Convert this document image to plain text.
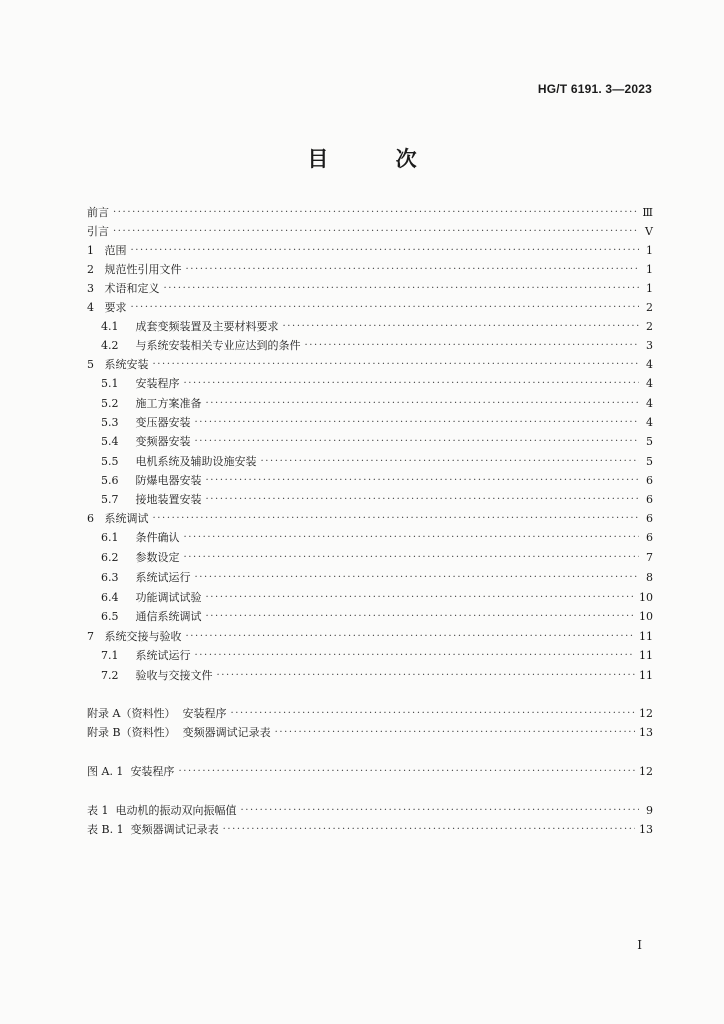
HG/T 6191. 3—2023
目 次
前言 ·····	Ⅲ
引言 ·····	Ⅴ
1 范围 ·····	1
2 规范性引用文件 ·····	1
3 术语和定义 ·····	1
4 要求 ·····	2
4.1 成套变频装置及主要材料要求 ·····	2
4.2 与系统安装相关专业应达到的条件 ·····	3
5 系统安装 ·····	4
5.1 安装程序 ·····	4
5.2 施工方案准备 ·····	4
5.3 变压器安装 ·····	4
5.4 变频器安装 ·····	5
5.5 电机系统及辅助设施安装 ·····	5
5.6 防爆电器安装 ·····	6
5.7 接地装置安装 ·····	6
6 系统调试 ·····	6
6.1 条件确认 ·····	6
6.2 参数设定 ·····	7
6.3 系统试运行 ·····	8
6.4 功能调试试验 ·····	10
6.5 通信系统调试 ·····	10
7 系统交接与验收 ·····	11
7.1 系统试运行 ·····	11
7.2 验收与交接文件 ·····	11
附录 A（资料性） 安装程序 ·····	12
附录 B（资料性） 变频器调试记录表 ·····	13
图 A. 1 安装程序 ·····	12
表 1 电动机的振动双向振幅值 ·····	9
表 B. 1 变频器调试记录表 ·····	13
I
